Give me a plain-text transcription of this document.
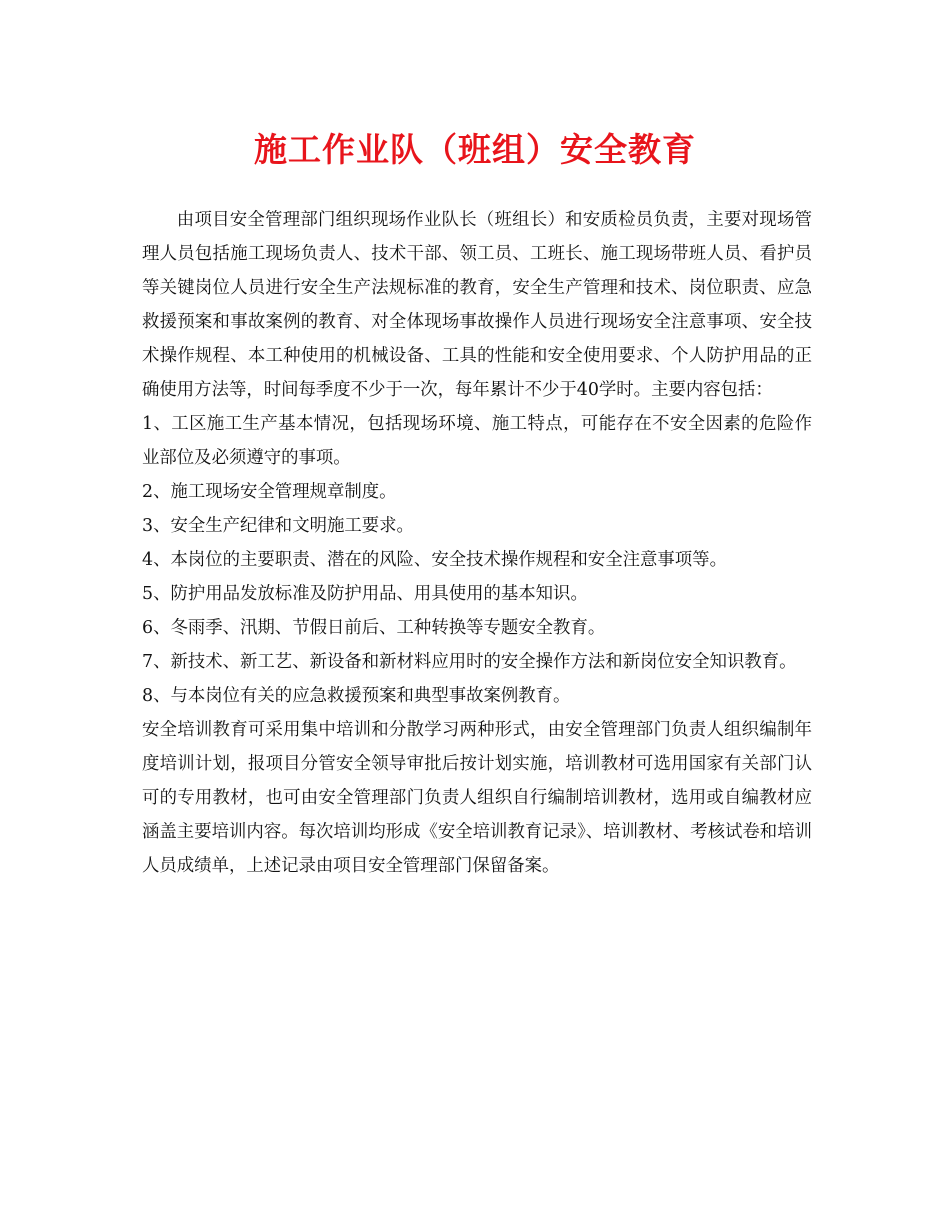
施工作业队（班组）安全教育

由项目安全管理部门组织现场作业队长（班组长）和安质检员负责，主要对现场管理人员包括施工现场负责人、技术干部、领工员、工班长、施工现场带班人员、看护员等关键岗位人员进行安全生产法规标准的教育，安全生产管理和技术、岗位职责、应急救援预案和事故案例的教育、对全体现场事故操作人员进行现场安全注意事项、安全技术操作规程、本工种使用的机械设备、工具的性能和安全使用要求、个人防护用品的正确使用方法等，时间每季度不少于一次，每年累计不少于40学时。主要内容包括：

1、工区施工生产基本情况，包括现场环境、施工特点，可能存在不安全因素的危险作业部位及必须遵守的事项。

2、施工现场安全管理规章制度。

3、安全生产纪律和文明施工要求。

4、本岗位的主要职责、潜在的风险、安全技术操作规程和安全注意事项等。

5、防护用品发放标准及防护用品、用具使用的基本知识。

6、冬雨季、汛期、节假日前后、工种转换等专题安全教育。

7、新技术、新工艺、新设备和新材料应用时的安全操作方法和新岗位安全知识教育。

8、与本岗位有关的应急救援预案和典型事故案例教育。

安全培训教育可采用集中培训和分散学习两种形式，由安全管理部门负责人组织编制年度培训计划，报项目分管安全领导审批后按计划实施，培训教材可选用国家有关部门认可的专用教材，也可由安全管理部门负责人组织自行编制培训教材，选用或自编教材应涵盖主要培训内容。每次培训均形成《安全培训教育记录》、培训教材、考核试卷和培训人员成绩单，上述记录由项目安全管理部门保留备案。
